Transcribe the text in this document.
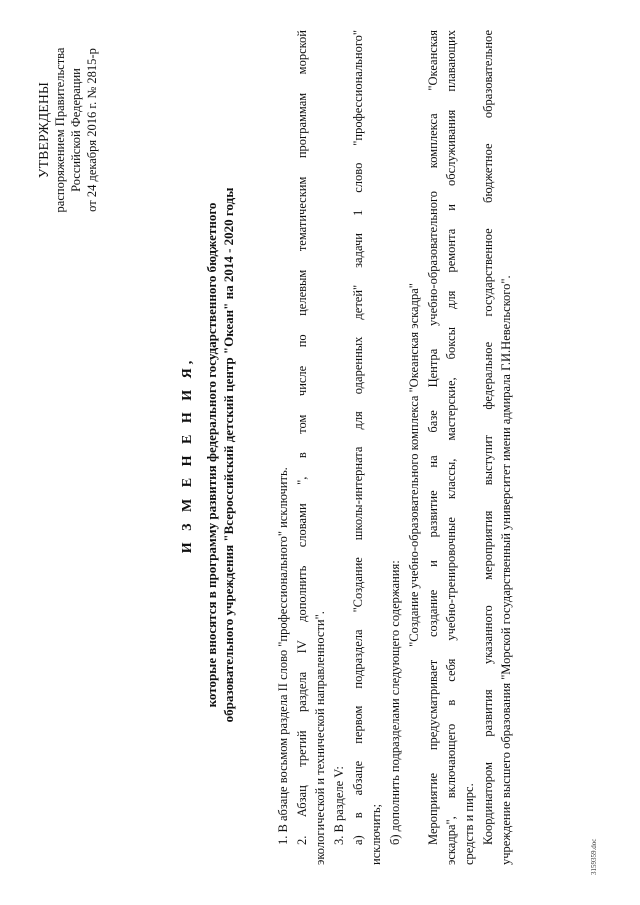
УТВЕРЖДЕНЫ распоряжением Правительства Российской Федерации от 24 декабря 2016 г. № 2815-р
И З М Е Н Е Н И Я, которые вносятся в программу развития федерального государственного бюджетного образовательного учреждения "Всероссийский детский центр "Океан" на 2014 - 2020 годы	1. В абзаце восьмом раздела II слово "профессионального" исключить. 2. Абзац третий раздела IV дополнить словами ", в том числе по целевым тематическим программам морской экологической и технической направленности". 3. В разделе V: а) в абзаце первом подраздела "Создание школы-интерната для одаренных детей" задачи 1 слово "профессионального" исключить; б) дополнить подразделами следующего содержания:
"Создание учебно-образовательного комплекса "Океанская эскадра" Мероприятие предусматривает создание и развитие на базе Центра учебно-образовательного комплекса "Океанская эскадра", включающего в себя учебно-тренировочные классы, мастерские, боксы для ремонта и обслуживания плавающих средств и пирс. Координатором развития указанного мероприятия выступит федеральное государственное бюджетное образовательное учреждение высшего образования "Морской государственный университет имени адмирала Г.И.Невельского".	3159359.doc
